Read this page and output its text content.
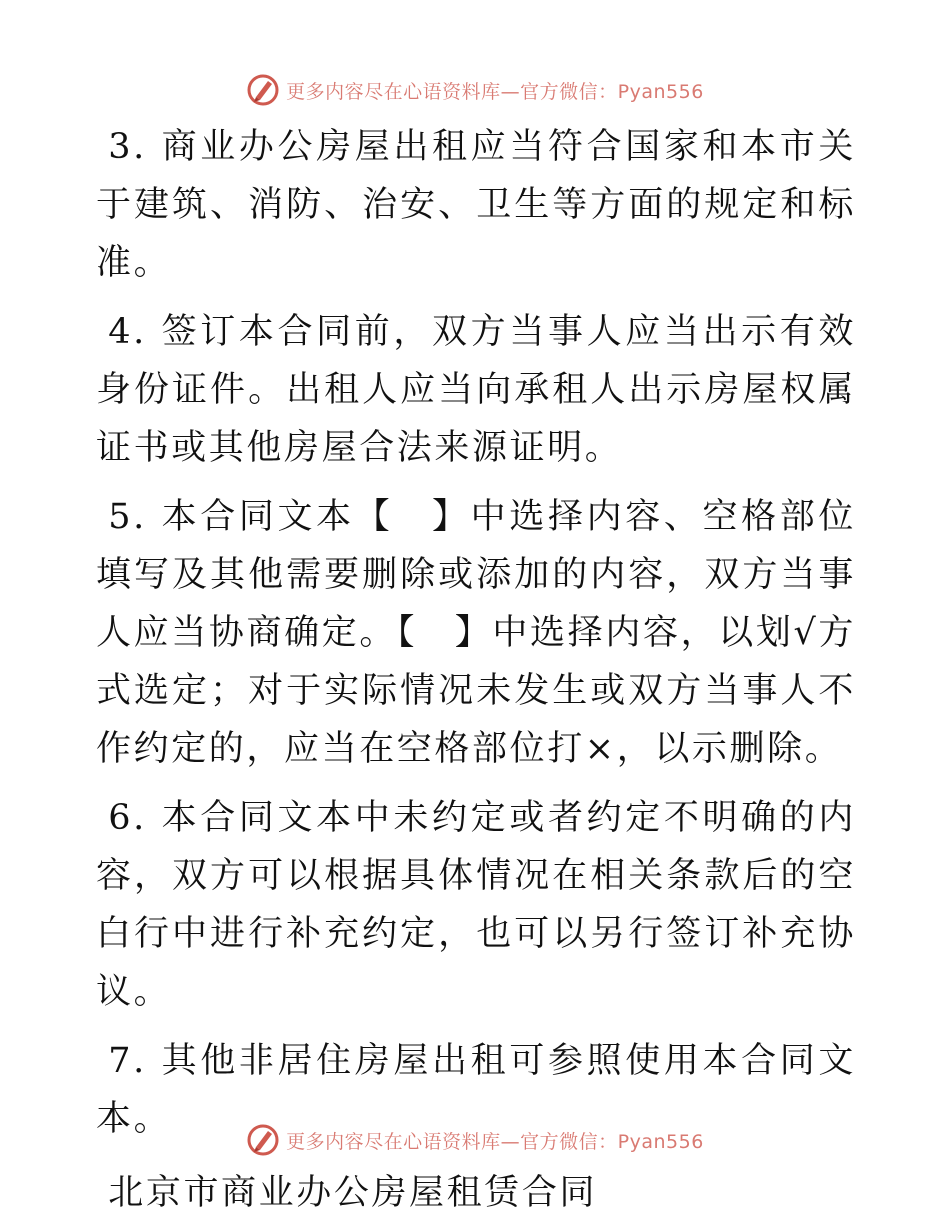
更多内容尽在心语资料库—官方微信：Pyan556

3. 商业办公房屋出租应当符合国家和本市关于建筑、消防、治安、卫生等方面的规定和标准。

4. 签订本合同前，双方当事人应当出示有效身份证件。出租人应当向承租人出示房屋权属证书或其他房屋合法来源证明。

5. 本合同文本【　】中选择内容、空格部位填写及其他需要删除或添加的内容，双方当事人应当协商确定。【　】中选择内容，以划√方式选定；对于实际情况未发生或双方当事人不作约定的，应当在空格部位打×，以示删除。

6. 本合同文本中未约定或者约定不明确的内容，双方可以根据具体情况在相关条款后的空白行中进行补充约定，也可以另行签订补充协议。

7. 其他非居住房屋出租可参照使用本合同文本。

北京市商业办公房屋租赁合同

更多内容尽在心语资料库—官方微信：Pyan556
